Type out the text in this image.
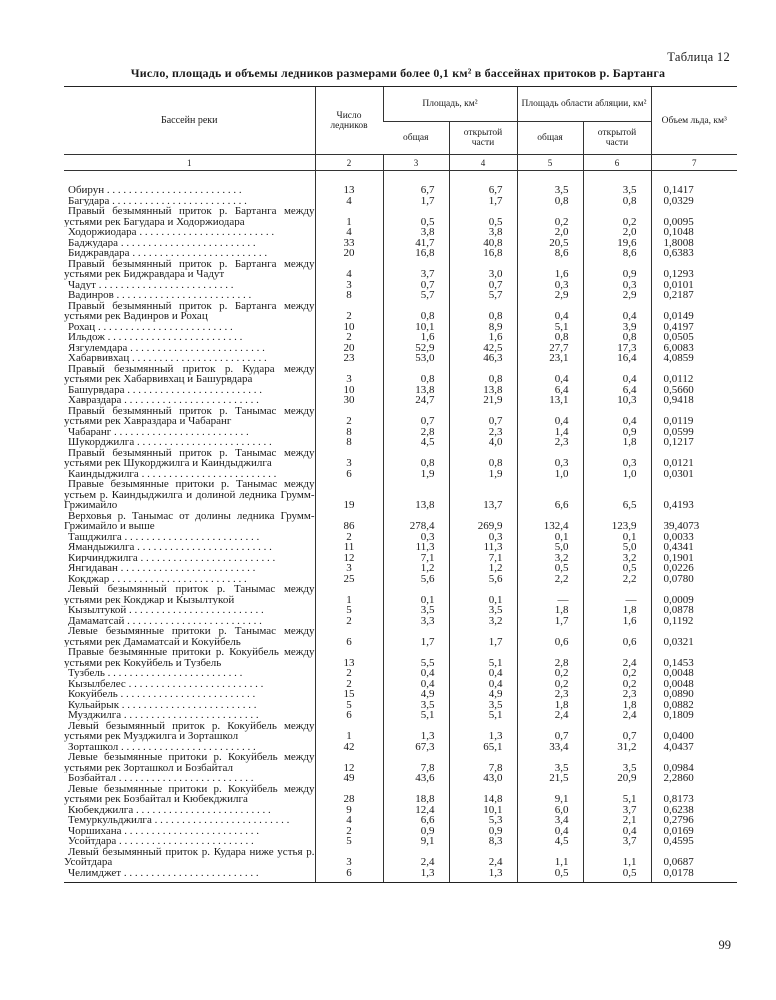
Таблица 12
Число, площадь и объемы ледников размерами более 0,1 км² в бассейнах притоков р. Бартанга
Бассейн реки	Число ледников	Площадь, км²		Площадь области абляции, км²		Объем льда, км³
		общая	открытой части	общая	открытой части	
1	2	3	4	5	6	7

Обирун . .	13	6,7	6,7	3,5	3,5	0,1417

Багудара . .	4	1,7	1,7	0,8	0,8	0,0329

Правый безымянный приток р. Бартанга между устьями рек Багудара и Ходоржиодара	1	0,5	0,5	0,2	0,2	0,0095

Ходоржиодара . .	4	3,8	3,8	2,0	2,0	0,1048

Баджудара . .	33	41,7	40,8	20,5	19,6	1,8008

Биджравдара . .	20	16,8	16,8	8,6	8,6	0,6383

Правый безымянный приток р. Бартанга между устьями рек Биджравдара и Чадут	4	3,7	3,0	1,6	0,9	0,1293

Чадут . .	3	0,7	0,7	0,3	0,3	0,0101

Вадинров . .	8	5,7	5,7	2,9	2,9	0,2187

Правый безымянный приток р. Бартанга между устьями рек Вадинров и Рохац	2	0,8	0,8	0,4	0,4	0,0149

Рохац . .	10	10,1	8,9	5,1	3,9	0,4197

Ильдож . .	2	1,6	1,6	0,8	0,8	0,0505

Язгулемдара . .	20	52,9	42,5	27,7	17,3	6,0083

Хабарвивхац . .	23	53,0	46,3	23,1	16,4	4,0859

Правый безымянный приток р. Кудара между устьями рек Хабарвивхац и Башурвдара	3	0,8	0,8	0,4	0,4	0,0112

Башурвдара . .	10	13,8	13,8	6,4	6,4	0,5660

Хавраздара . .	30	24,7	21,9	13,1	10,3	0,9418

Правый безымянный приток р. Танымас между устьями рек Хавраздара и Чабаранг	2	0,7	0,7	0,4	0,4	0,0119

Чабаранг . .	8	2,8	2,3	1,4	0,9	0,0599

Шукорджилга . .	8	4,5	4,0	2,3	1,8	0,1217

Правый безымянный приток р. Танымас между устьями рек Шукорджилга и Каиндыджилга	3	0,8	0,8	0,3	0,3	0,0121

Каиндыджилга . .	6	1,9	1,9	1,0	1,0	0,0301

Правые безымянные притоки р. Танымас между устьем р. Каиндыджилга и долиной ледника Грумм-Гржимайло	19	13,8	13,7	6,6	6,5	0,4193

Верховья р. Танымас от долины ледника Грумм-Гржимайло и выше	86	278,4	269,9	132,4	123,9	39,4073

Ташджилга . .	2	0,3	0,3	0,1	0,1	0,0033

Ямандыжилга . .	11	11,3	11,3	5,0	5,0	0,4341

Кирчинджилга . .	12	7,1	7,1	3,2	3,2	0,1901

Янгидаван . .	3	1,2	1,2	0,5	0,5	0,0226

Кокджар . .	25	5,6	5,6	2,2	2,2	0,0780

Левый безымянный приток р. Танымас между устьями рек Кокджар и Кызылтукой	1	0,1	0,1	—	—	0,0009

Кызылтукой . .	5	3,5	3,5	1,8	1,8	0,0878

Дамаматсай . .	2	3,3	3,2	1,7	1,6	0,1192

Левые безымянные притоки р. Танымас между устьями рек Дамаматсай и Кокуйбель	6	1,7	1,7	0,6	0,6	0,0321

Правые безымянные притоки р. Кокуйбель между устьями рек Кокуйбель и Тузбель	13	5,5	5,1	2,8	2,4	0,1453

Тузбель . .	2	0,4	0,4	0,2	0,2	0,0048

Кызылбелес . .	2	0,4	0,4	0,2	0,2	0,0048

Кокуйбель . .	15	4,9	4,9	2,3	2,3	0,0890

Кульайрык . .	5	3,5	3,5	1,8	1,8	0,0882

Музджилга . .	6	5,1	5,1	2,4	2,4	0,1809

Левый безымянный приток р. Кокуйбель между устьями рек Музджилга и Зорташкол	1	1,3	1,3	0,7	0,7	0,0400

Зорташкол . .	42	67,3	65,1	33,4	31,2	4,0437

Левые безымянные притоки р. Кокуйбель между устьями рек Зорташкол и Бозбайтал	12	7,8	7,8	3,5	3,5	0,0984

Бозбайтал . .	49	43,6	43,0	21,5	20,9	2,2860

Левые безымянные притоки р. Кокуйбель между устьями рек Бозбайтал и Кюбекджилга	28	18,8	14,8	9,1	5,1	0,8173

Кюбекджилга . .	9	12,4	10,1	6,0	3,7	0,6238

Темуркульджилга . .	4	6,6	5,3	3,4	2,1	0,2796

Чоршихана . .	2	0,9	0,9	0,4	0,4	0,0169

Усойтдара . .	5	9,1	8,3	4,5	3,7	0,4595

Левый безымянный приток р. Кудара ниже устья р. Усойтдара	3	2,4	2,4	1,1	1,1	0,0687

Челимджет . .	6	1,3	1,3	0,5	0,5	0,0178
99
